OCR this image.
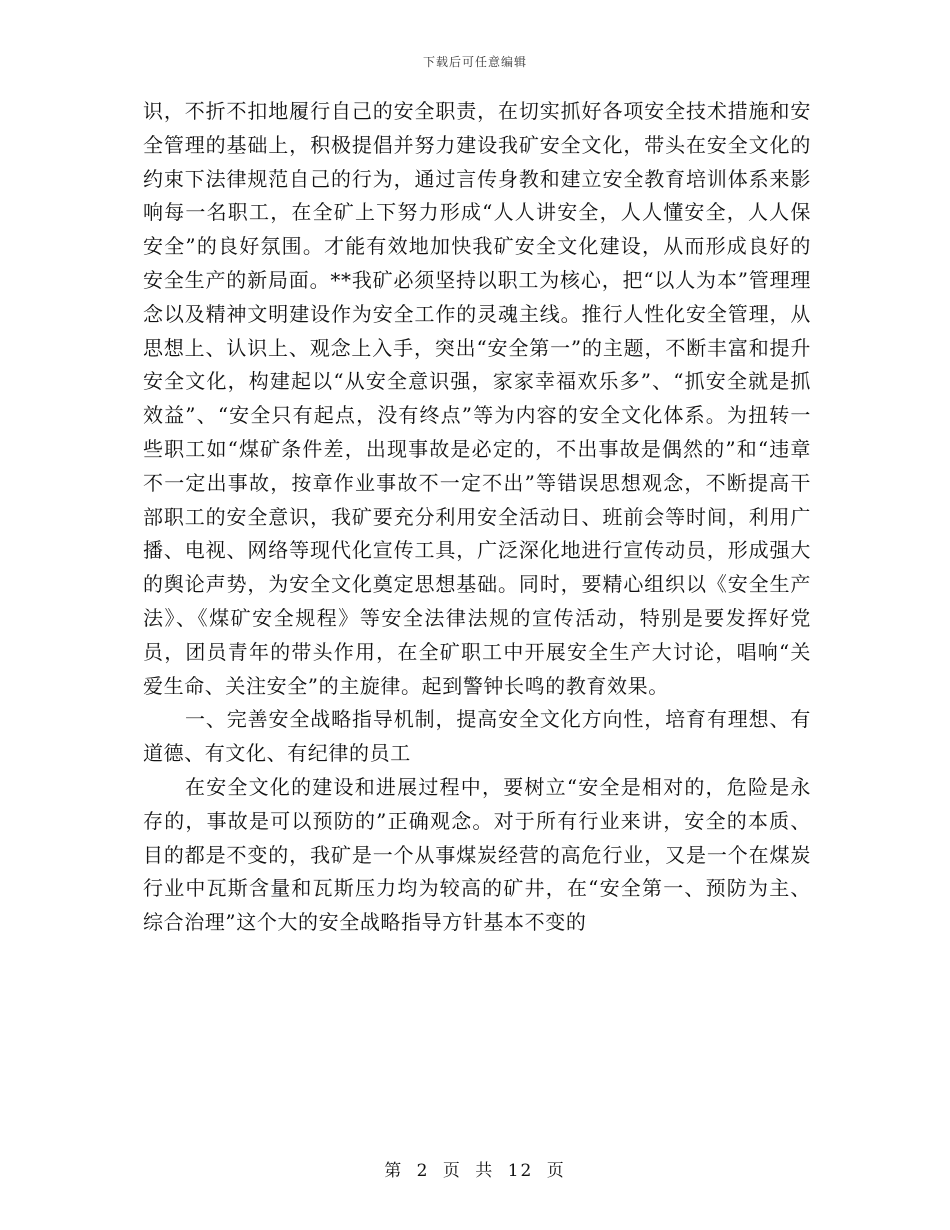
下载后可任意编辑

识，不折不扣地履行自己的安全职责，在切实抓好各项安全技术措施和安全管理的基础上，积极提倡并努力建设我矿安全文化，带头在安全文化的约束下法律规范自己的行为，通过言传身教和建立安全教育培训体系来影响每一名职工，在全矿上下努力形成“人人讲安全，人人懂安全，人人保安全”的良好氛围。才能有效地加快我矿安全文化建设，从而形成良好的安全生产的新局面。**我矿必须坚持以职工为核心，把“以人为本”管理理念以及精神文明建设作为安全工作的灵魂主线。推行人性化安全管理，从思想上、认识上、观念上入手，突出“安全第一”的主题，不断丰富和提升安全文化，构建起以“从安全意识强，家家幸福欢乐多”、“抓安全就是抓效益”、“安全只有起点，没有终点”等为内容的安全文化体系。为扭转一些职工如“煤矿条件差，出现事故是必定的，不出事故是偶然的”和“违章不一定出事故，按章作业事故不一定不出”等错误思想观念，不断提高干部职工的安全意识，我矿要充分利用安全活动日、班前会等时间，利用广播、电视、网络等现代化宣传工具，广泛深化地进行宣传动员，形成强大的舆论声势，为安全文化奠定思想基础。同时，要精心组织以《安全生产法》、《煤矿安全规程》等安全法律法规的宣传活动，特别是要发挥好党员，团员青年的带头作用，在全矿职工中开展安全生产大讨论，唱响“关爱生命、关注安全”的主旋律。起到警钟长鸣的教育效果。

一、完善安全战略指导机制，提高安全文化方向性，培育有理想、有道德、有文化、有纪律的员工

在安全文化的建设和进展过程中，要树立“安全是相对的，危险是永存的，事故是可以预防的”正确观念。对于所有行业来讲，安全的本质、目的都是不变的，我矿是一个从事煤炭经营的高危行业，又是一个在煤炭行业中瓦斯含量和瓦斯压力均为较高的矿井，在“安全第一、预防为主、综合治理”这个大的安全战略指导方针基本不变的

第 2 页 共 12 页
